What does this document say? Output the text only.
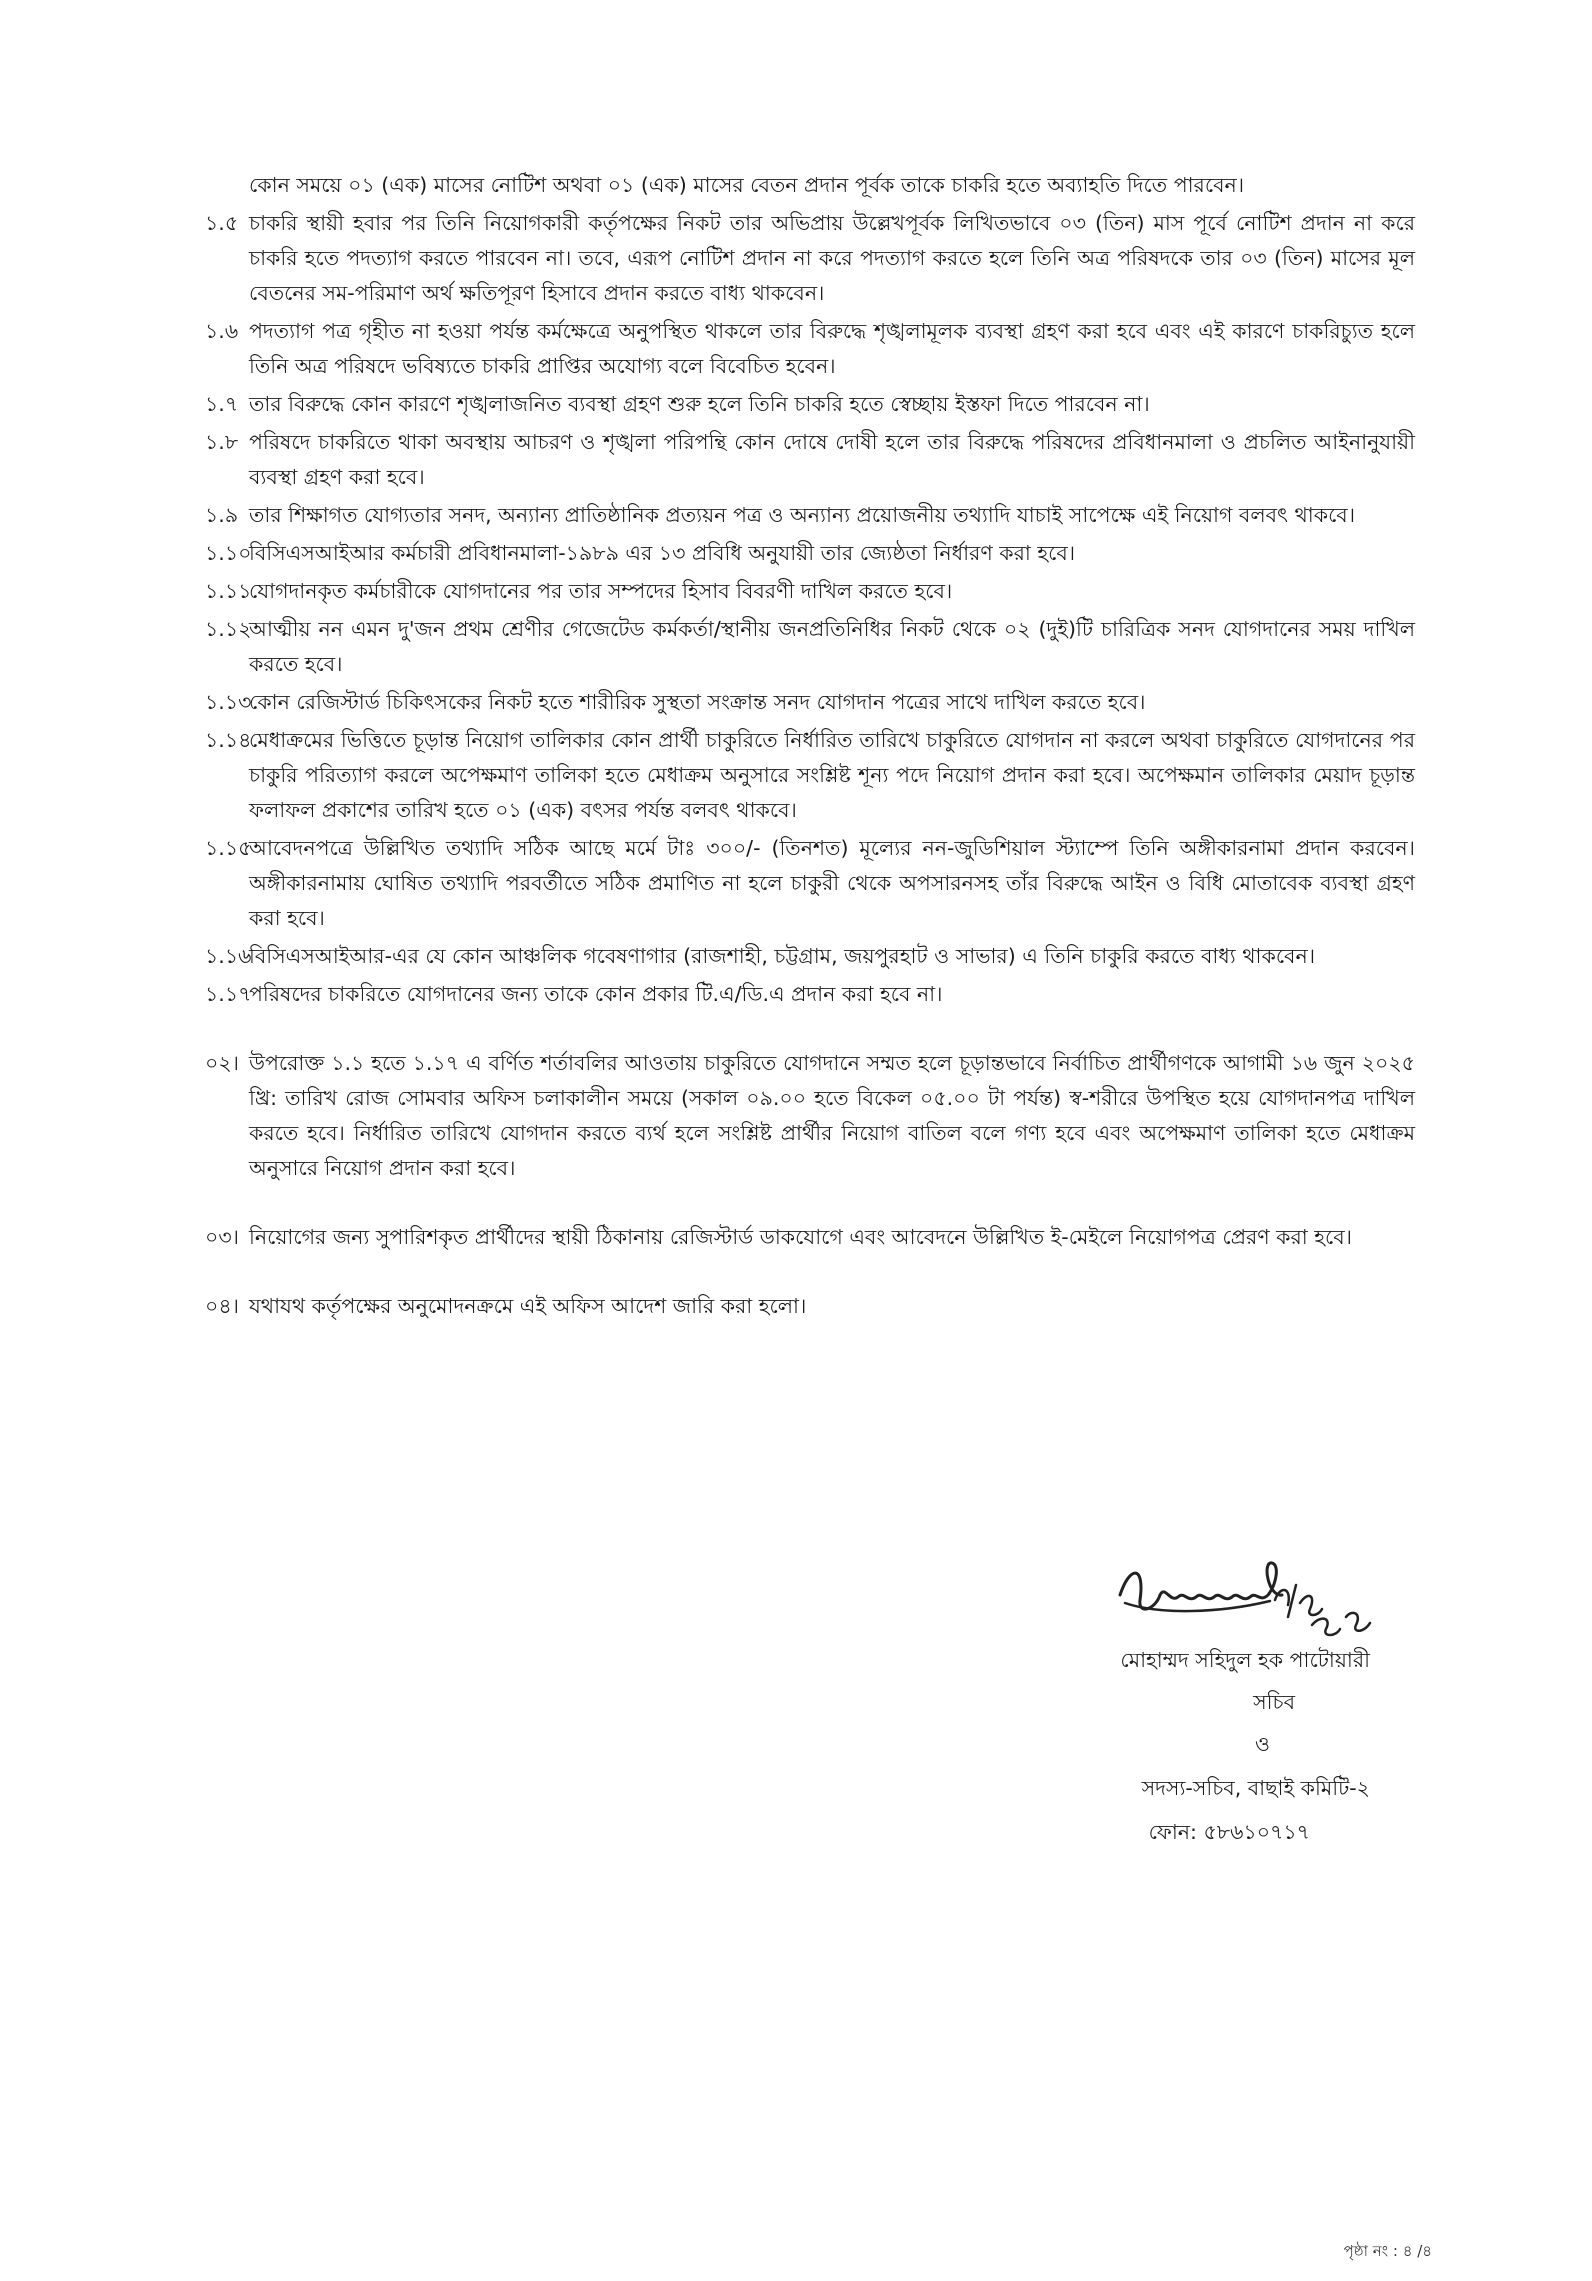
কোন সময়ে ০১ (এক) মাসের নোটিশ অথবা ০১ (এক) মাসের বেতন প্রদান পূর্বক তাকে চাকরি হতে অব্যাহতি দিতে পারবেন।

১.৫ চাকরি স্থায়ী হবার পর তিনি নিয়োগকারী কর্তৃপক্ষের নিকট তার অভিপ্রায় উল্লেখপূর্বক লিখিতভাবে ০৩ (তিন) মাস পূর্বে নোটিশ প্রদান না করে চাকরি হতে পদত্যাগ করতে পারবেন না। তবে, এরূপ নোটিশ প্রদান না করে পদত্যাগ করতে হলে তিনি অত্র পরিষদকে তার ০৩ (তিন) মাসের মূল বেতনের সম-পরিমাণ অর্থ ক্ষতিপূরণ হিসাবে প্রদান করতে বাধ্য থাকবেন।
১.৬ পদত্যাগ পত্র গৃহীত না হওয়া পর্যন্ত কর্মক্ষেত্রে অনুপস্থিত থাকলে তার বিরুদ্ধে শৃঙ্খলামূলক ব্যবস্থা গ্রহণ করা হবে এবং এই কারণে চাকরিচ্যুত হলে তিনি অত্র পরিষদে ভবিষ্যতে চাকরি প্রাপ্তির অযোগ্য বলে বিবেচিত হবেন।
১.৭ তার বিরুদ্ধে কোন কারণে শৃঙ্খলাজনিত ব্যবস্থা গ্রহণ শুরু হলে তিনি চাকরি হতে স্বেচ্ছায় ইস্তফা দিতে পারবেন না।
১.৮ পরিষদে চাকরিতে থাকা অবস্থায় আচরণ ও শৃঙ্খলা পরিপন্থি কোন দোষে দোষী হলে তার বিরুদ্ধে পরিষদের প্রবিধানমালা ও প্রচলিত আইনানুযায়ী ব্যবস্থা গ্রহণ করা হবে।
১.৯ তার শিক্ষাগত যোগ্যতার সনদ, অন্যান্য প্রাতিষ্ঠানিক প্রত্যয়ন পত্র ও অন্যান্য প্রয়োজনীয় তথ্যাদি যাচাই সাপেক্ষে এই নিয়োগ বলবৎ থাকবে।
১.১০
বিসিএসআইআর কর্মচারী প্রবিধানমালা-১৯৮৯ এর ১৩ প্রবিধি অনুযায়ী তার জ্যেষ্ঠতা নির্ধারণ করা হবে।
১.১১
যোগদানকৃত কর্মচারীকে যোগদানের পর তার সম্পদের হিসাব বিবরণী দাখিল করতে হবে।
১.১২
আত্মীয় নন এমন দু'জন প্রথম শ্রেণীর গেজেটেড কর্মকর্তা/স্থানীয় জনপ্রতিনিধির নিকট থেকে ০২ (দুই)টি চারিত্রিক সনদ যোগদানের সময় দাখিল করতে হবে।
১.১৩
কোন রেজিস্টার্ড চিকিৎসকের নিকট হতে শারীরিক সুস্থতা সংক্রান্ত সনদ যোগদান পত্রের সাথে দাখিল করতে হবে।
১.১৪
মেধাক্রমের ভিত্তিতে চূড়ান্ত নিয়োগ তালিকার কোন প্রার্থী চাকুরিতে নির্ধারিত তারিখে চাকুরিতে যোগদান না করলে অথবা চাকুরিতে যোগদানের পর চাকুরি পরিত্যাগ করলে অপেক্ষমাণ তালিকা হতে মেধাক্রম অনুসারে সংশ্লিষ্ট শূন্য পদে নিয়োগ প্রদান করা হবে। অপেক্ষমান তালিকার মেয়াদ চূড়ান্ত ফলাফল প্রকাশের তারিখ হতে ০১ (এক) বৎসর পর্যন্ত বলবৎ থাকবে।
১.১৫
আবেদনপত্রে উল্লিখিত তথ্যাদি সঠিক আছে মর্মে টাঃ ৩০০/- (তিনশত) মূল্যের নন-জুডিশিয়াল স্ট্যাম্পে তিনি অঙ্গীকারনামা প্রদান করবেন। অঙ্গীকারনামায় ঘোষিত তথ্যাদি পরবর্তীতে সঠিক প্রমাণিত না হলে চাকুরী থেকে অপসারনসহ তাঁর বিরুদ্ধে আইন ও বিধি মোতাবেক ব্যবস্থা গ্রহণ করা হবে।
১.১৬
বিসিএসআইআর-এর যে কোন আঞ্চলিক গবেষণাগার (রাজশাহী, চট্টগ্রাম, জয়পুরহাট ও সাভার) এ তিনি চাকুরি করতে বাধ্য থাকবেন।
১.১৭
পরিষদের চাকরিতে যোগদানের জন্য তাকে কোন প্রকার টি.এ/ডি.এ প্রদান করা হবে না।
০২। উপরোক্ত ১.১ হতে ১.১৭ এ বর্ণিত শর্তাবলির আওতায় চাকুরিতে যোগদানে সম্মত হলে চূড়ান্তভাবে নির্বাচিত প্রার্থীগণকে আগামী ১৬ জুন ২০২৫ খ্রি: তারিখ রোজ সোমবার অফিস চলাকালীন সময়ে (সকাল ০৯.০০ হতে বিকেল ০৫.০০ টা পর্যন্ত) স্ব-শরীরে উপস্থিত হয়ে যোগদানপত্র দাখিল করতে হবে। নির্ধারিত তারিখে যোগদান করতে ব্যর্থ হলে সংশ্লিষ্ট প্রার্থীর নিয়োগ বাতিল বলে গণ্য হবে এবং অপেক্ষমাণ তালিকা হতে মেধাক্রম অনুসারে নিয়োগ প্রদান করা হবে।
০৩। নিয়োগের জন্য সুপারিশকৃত প্রার্থীদের স্থায়ী ঠিকানায় রেজিস্টার্ড ডাকযোগে এবং আবেদনে উল্লিখিত ই-মেইলে নিয়োগপত্র প্রেরণ করা হবে।
০৪। যথাযথ কর্তৃপক্ষের অনুমোদনক্রমে এই অফিস আদেশ জারি করা হলো।
মোহাম্মদ সহিদুল হক পাটোয়ারী
সচিব
ও
সদস্য-সচিব, বাছাই কমিটি-২
ফোন: ৫৮৬১০৭১৭
পৃষ্ঠা নং : ৪ /৪
